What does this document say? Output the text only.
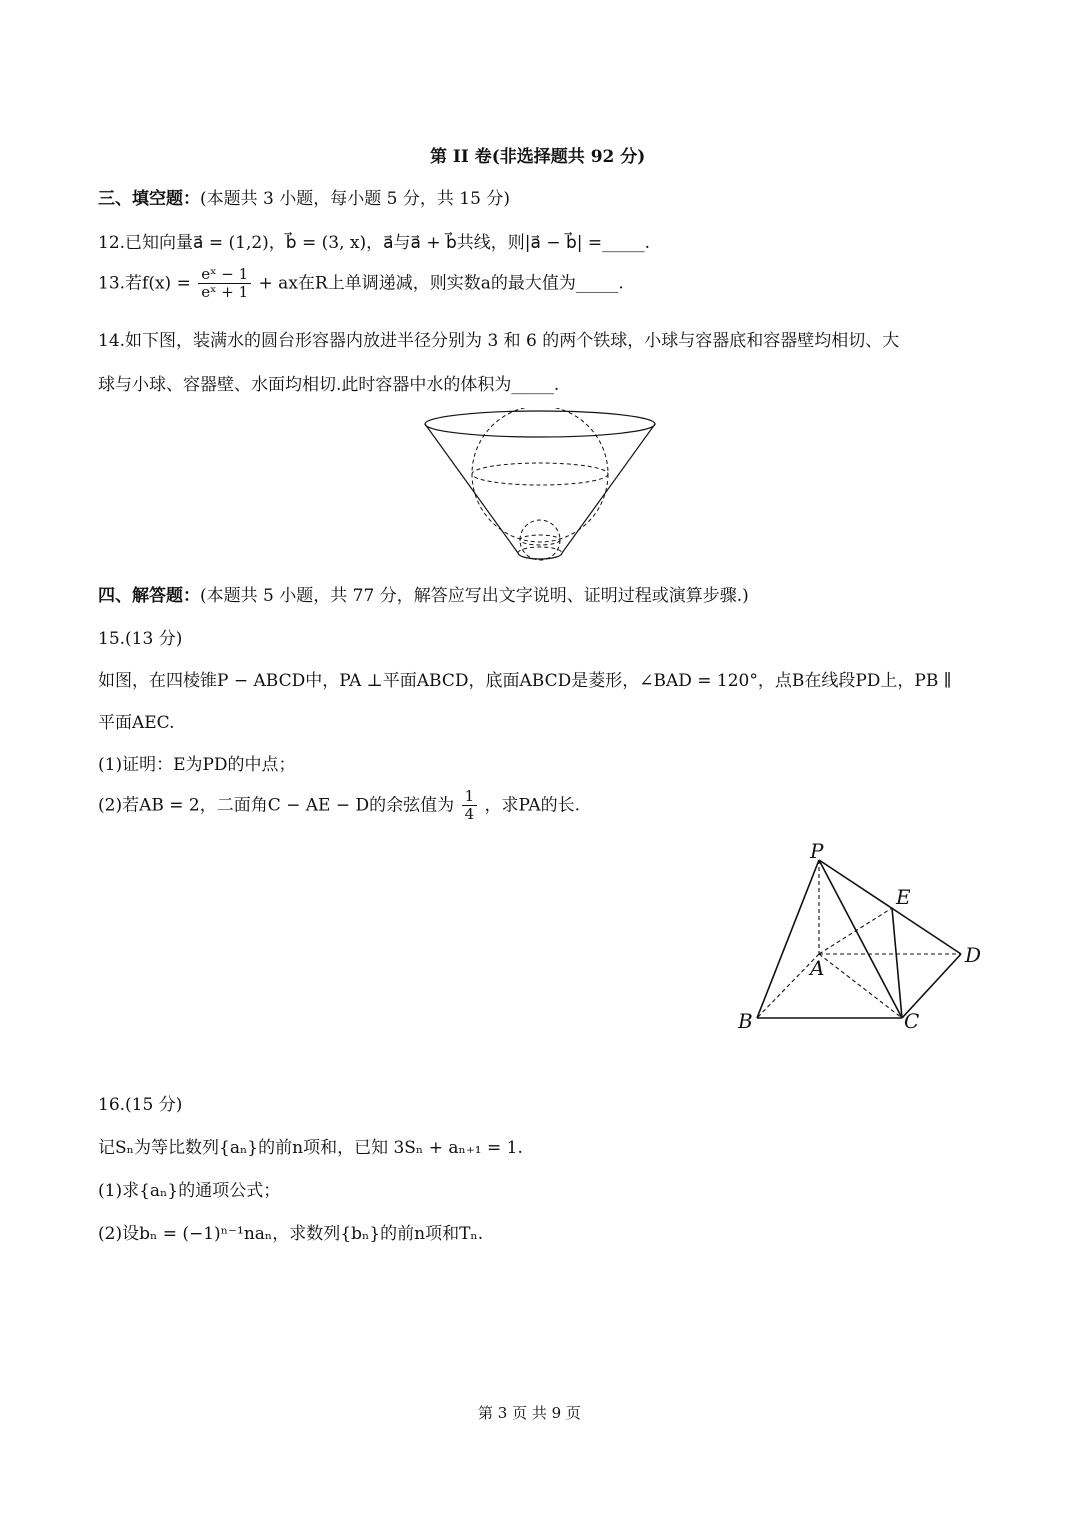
第 II 卷(非选择题共 92 分)
三、填空题：(本题共 3 小题，每小题 5 分，共 15 分)
12.已知向量a⃗ = (1,2)，b⃗ = (3, x)，a⃗与a⃗ + b⃗共线，则|a⃗ − b⃗| =_____.
13.若$f(x) = \frac{\text{eˣ − 1}}{\text{eˣ + 1}}$ + ax在R上单调递减，则实数a的最大值为_____.
14.如下图，装满水的圆台形容器内放进半径分别为 3 和 6 的两个铁球，小球与容器底和容器壁均相切、大
球与小球、容器壁、水面均相切.此时容器中水的体积为_____.
四、解答题：(本题共 5 小题，共 77 分，解答应写出文字说明、证明过程或演算步骤.)
15.(13 分)
如图，在四棱锥P − ABCD中，PA ⊥平面ABCD，底面ABCD是菱形，∠BAD = 120°，点B在线段PD上，PB ∥
平面AEC.
(1)证明：E为PD的中点；
(2)若AB = 2，二面角C − AE − D的余弦值为 $\frac{1}{4}$ ，求PA的长.
P
E
A
D
B	C
16.(15 分)
记Sₙ为等比数列{aₙ}的前n项和，已知 3Sₙ + aₙ₊₁ = 1.
(1)求{aₙ}的通项公式；
(2)设bₙ = (−1)ⁿ⁻¹naₙ，求数列{bₙ}的前n项和Tₙ.
第 3 页 共 9 页
